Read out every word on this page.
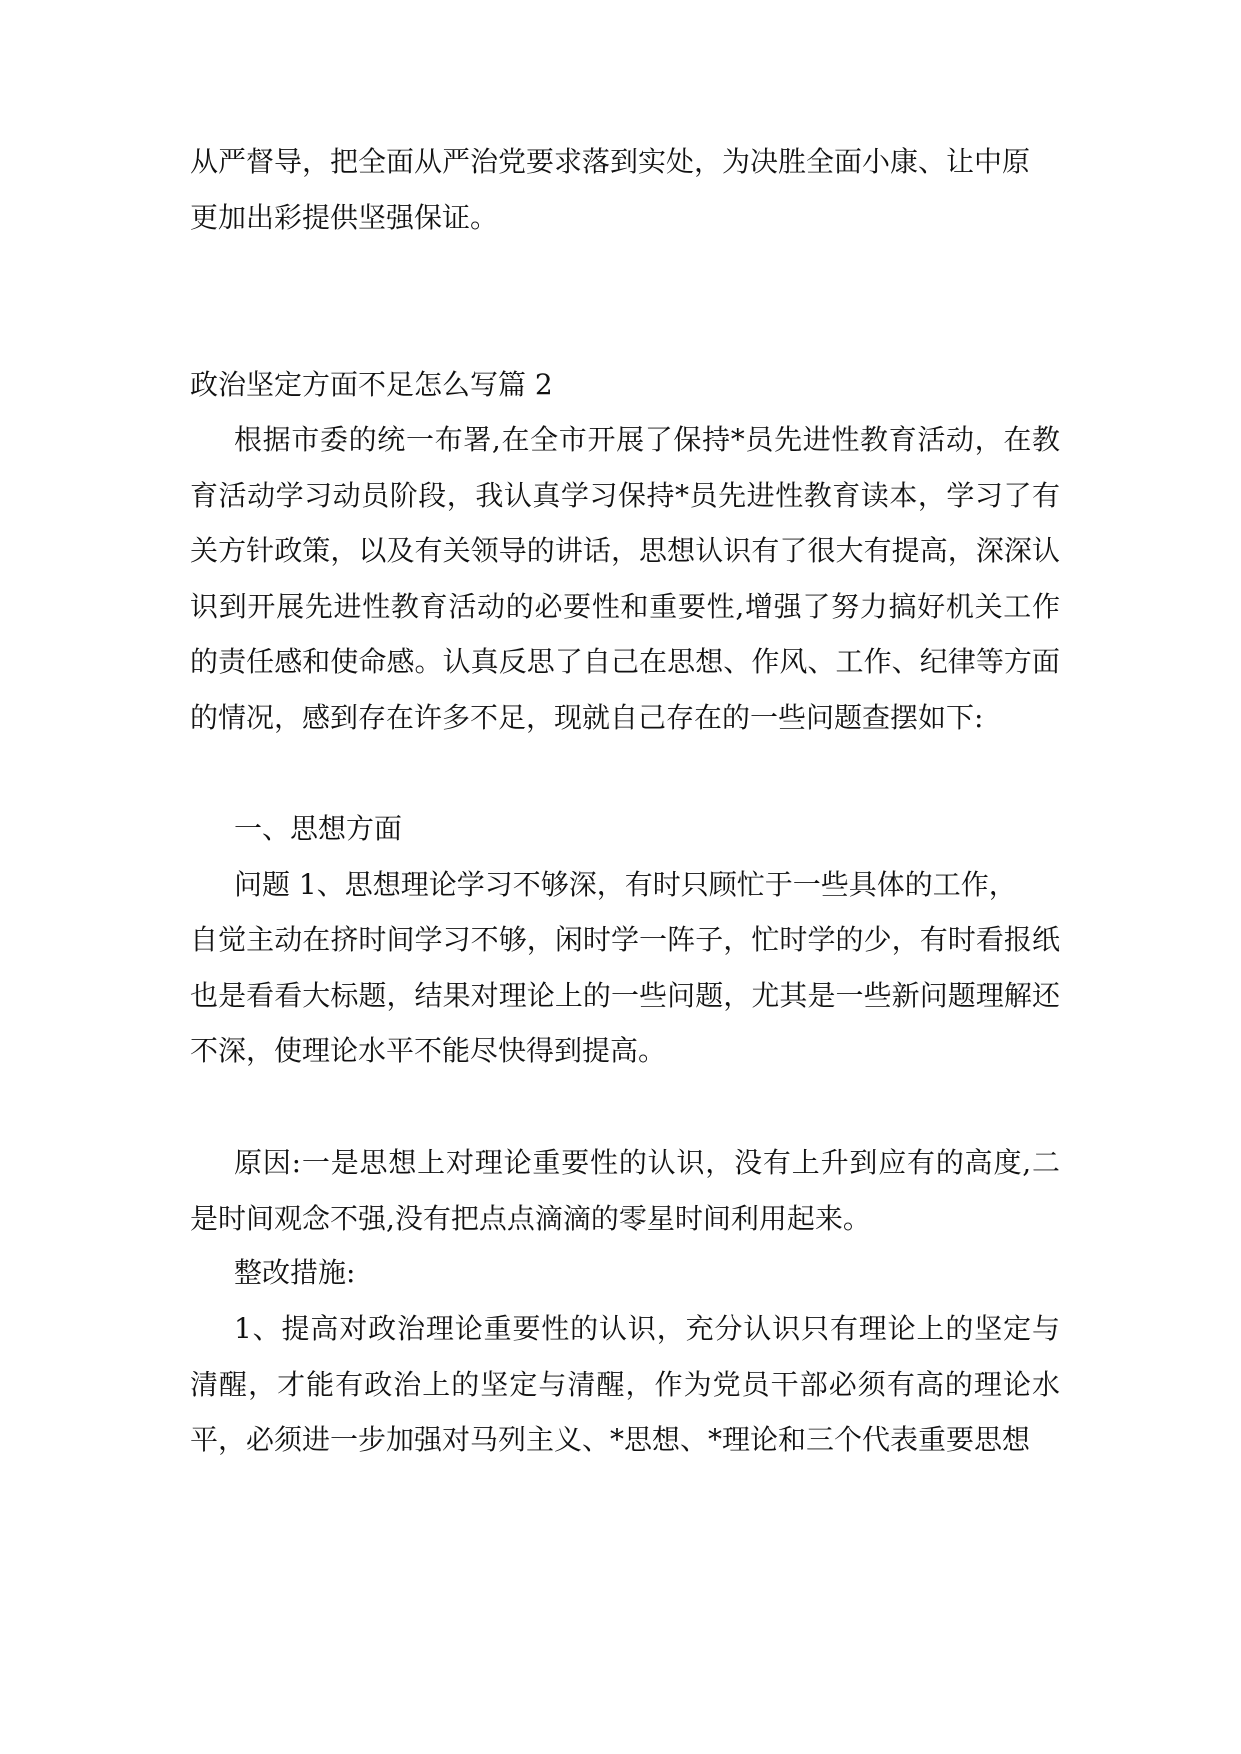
从严督导，把全面从严治党要求落到实处，为决胜全面小康、让中原
更加出彩提供坚强保证。
政治坚定方面不足怎么写篇 2

根据市委的统一布署,在全市开展了保持*员先进性教育活动，在教育活动学习动员阶段，我认真学习保持*员先进性教育读本，学习了有关方针政策，以及有关领导的讲话，思想认识有了很大有提高，深深认识到开展先进性教育活动的必要性和重要性,增强了努力搞好机关工作的责任感和使命感。认真反思了自己在思想、作风、工作、纪律等方面的情况，感到存在许多不足，现就自己存在的一些问题查摆如下:

一、思想方面

问题 1、思想理论学习不够深，有时只顾忙于一些具体的工作，

自觉主动在挤时间学习不够，闲时学一阵子，忙时学的少，有时看报纸也是看看大标题，结果对理论上的一些问题，尤其是一些新问题理解还不深，使理论水平不能尽快得到提高。

原因:一是思想上对理论重要性的认识，没有上升到应有的高度,二是时间观念不强,没有把点点滴滴的零星时间利用起来。

整改措施:

1、提高对政治理论重要性的认识，充分认识只有理论上的坚定与清醒，才能有政治上的坚定与清醒，作为党员干部必须有高的理论水平，必须进一步加强对马列主义、*思想、*理论和三个代表重要思想
